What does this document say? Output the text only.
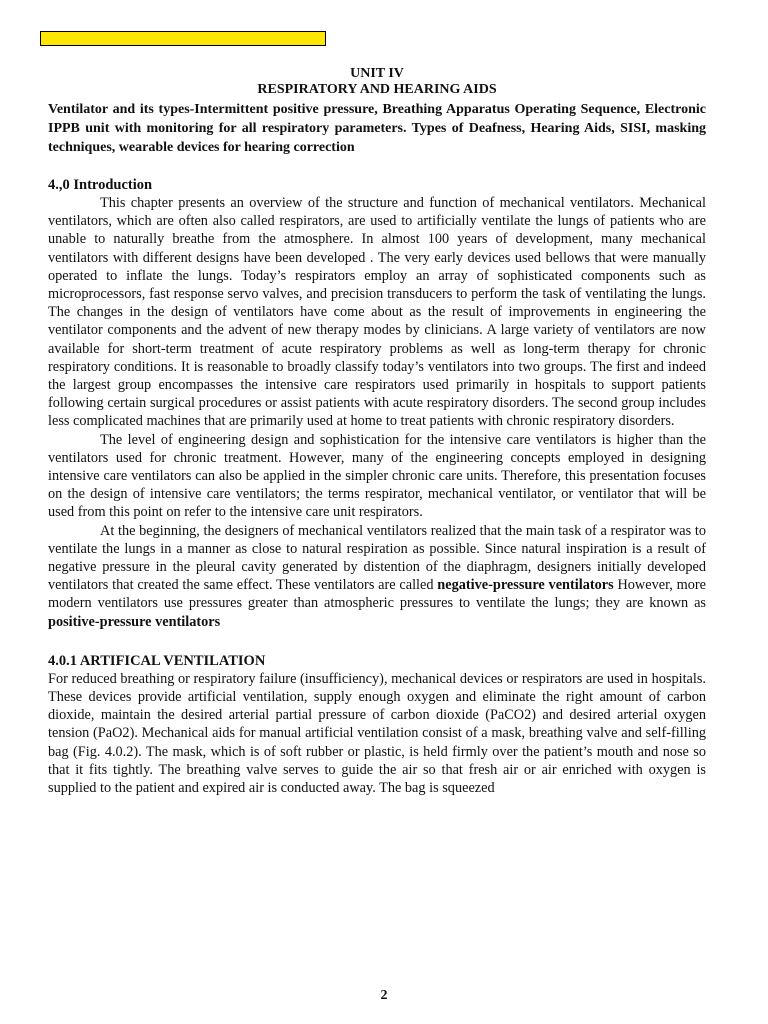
UNIT IV
RESPIRATORY AND HEARING AIDS

Ventilator and its types-Intermittent positive pressure, Breathing Apparatus Operating Sequence, Electronic IPPB unit with monitoring for all respiratory parameters. Types of Deafness, Hearing Aids, SISI, masking techniques, wearable devices for hearing correction

4.,0 Introduction

This chapter presents an overview of the structure and function of mechanical ventilators. Mechanical ventilators, which are often also called respirators, are used to artificially ventilate the lungs of patients who are unable to naturally breathe from the atmosphere. In almost 100 years of development, many mechanical ventilators with different designs have been developed . The very early devices used bellows that were manually operated to inflate the lungs. Today’s respirators employ an array of sophisticated components such as microprocessors, fast response servo valves, and precision transducers to perform the task of ventilating the lungs. The changes in the design of ventilators have come about as the result of improvements in engineering the ventilator components and the advent of new therapy modes by clinicians. A large variety of ventilators are now available for short-term treatment of acute respiratory problems as well as long-term therapy for chronic respiratory conditions. It is reasonable to broadly classify today’s ventilators into two groups. The first and indeed the largest group encompasses the intensive care respirators used primarily in hospitals to support patients following certain surgical procedures or assist patients with acute respiratory disorders. The second group includes less complicated machines that are primarily used at home to treat patients with chronic respiratory disorders.

The level of engineering design and sophistication for the intensive care ventilators is higher than the ventilators used for chronic treatment. However, many of the engineering concepts employed in designing intensive care ventilators can also be applied in the simpler chronic care units. Therefore, this presentation focuses on the design of intensive care ventilators; the terms respirator, mechanical ventilator, or ventilator that will be used from this point on refer to the intensive care unit respirators.

At the beginning, the designers of mechanical ventilators realized that the main task of a respirator was to ventilate the lungs in a manner as close to natural respiration as possible. Since natural inspiration is a result of negative pressure in the pleural cavity generated by distention of the diaphragm, designers initially developed ventilators that created the same effect. These ventilators are called negative-pressure ventilators However, more modern ventilators use pressures greater than atmospheric pressures to ventilate the lungs; they are known as positive-pressure ventilators

4.0.1 ARTIFICAL VENTILATION

For reduced breathing or respiratory failure (insufficiency), mechanical devices or respirators are used in hospitals. These devices provide artificial ventilation, supply enough oxygen and eliminate the right amount of carbon dioxide, maintain the desired arterial partial pressure of carbon dioxide (PaCO2) and desired arterial oxygen tension (PaO2). Mechanical aids for manual artificial ventilation consist of a mask, breathing valve and self-filling bag (Fig. 4.0.2). The mask, which is of soft rubber or plastic, is held firmly over the patient’s mouth and nose so that it fits tightly. The breathing valve serves to guide the air so that fresh air or air enriched with oxygen is supplied to the patient and expired air is conducted away. The bag is squeezed

2
